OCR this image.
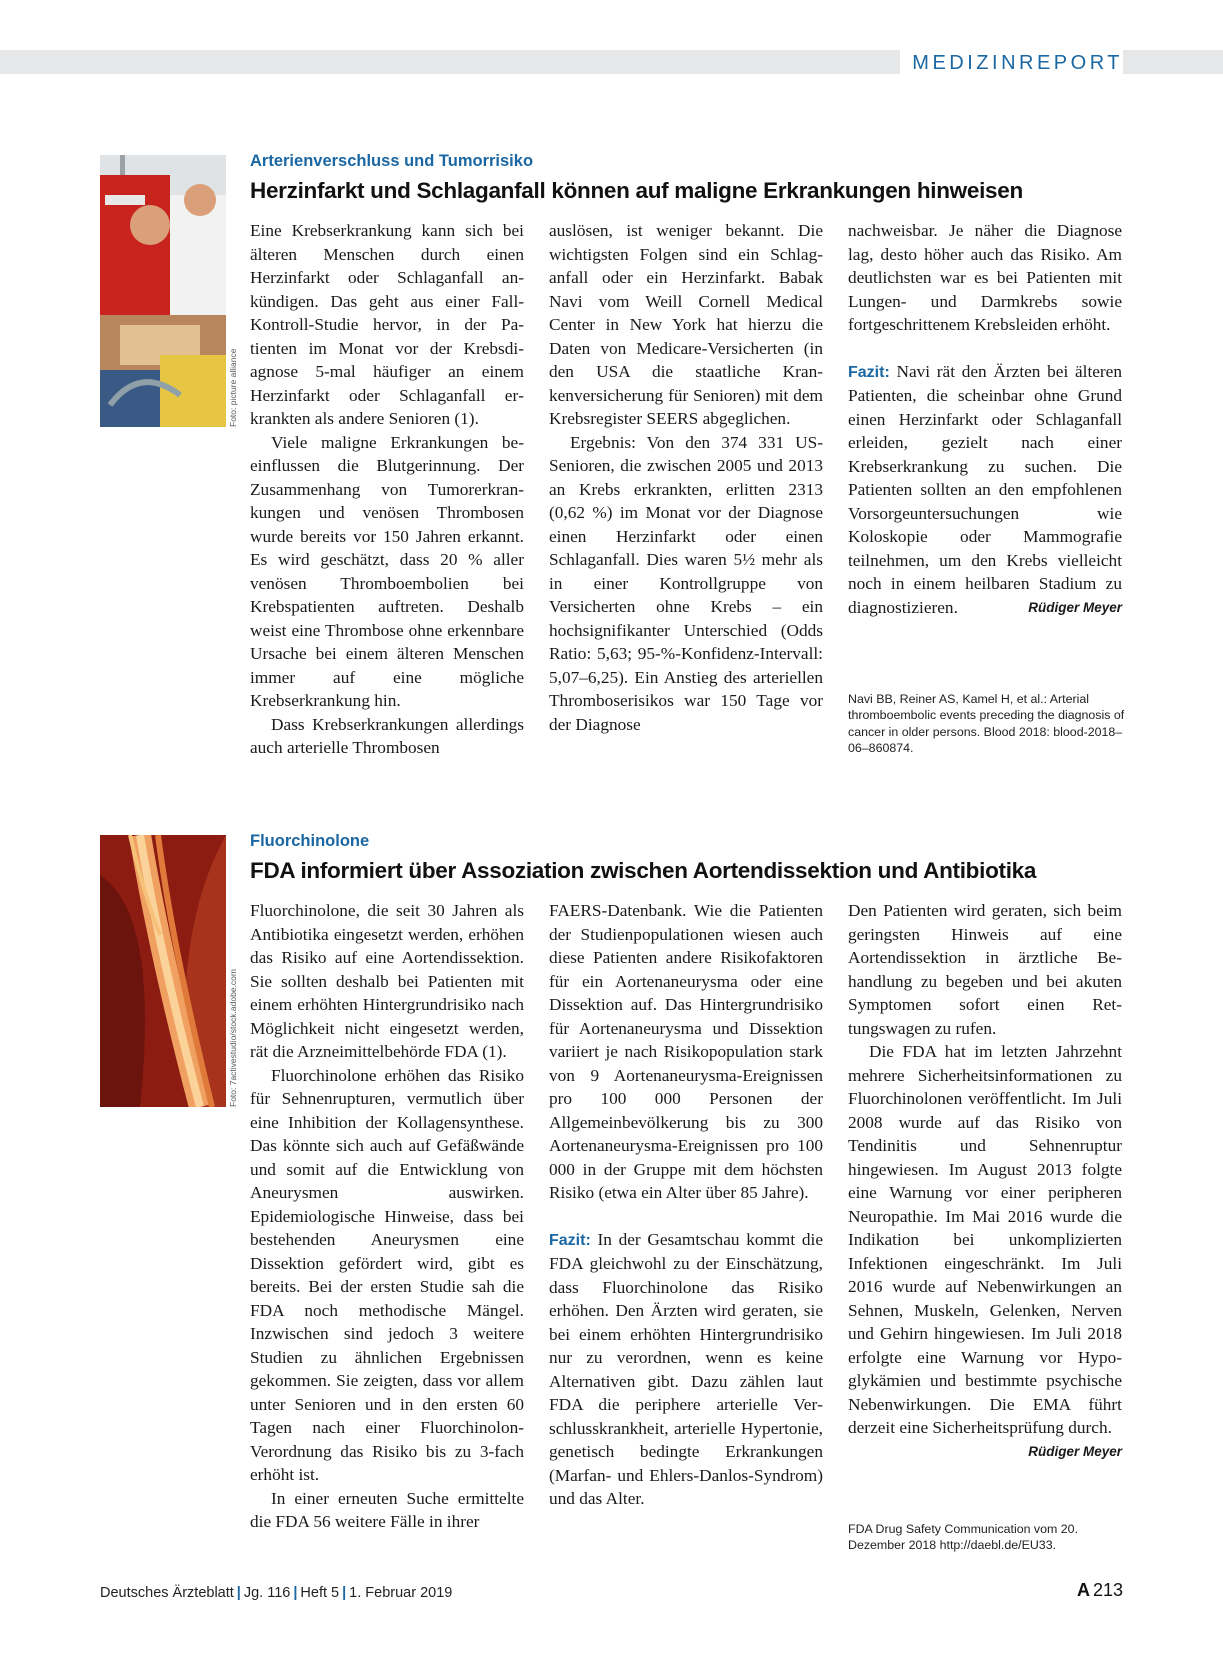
MEDIZINREPORT
Foto: picture alliance
Arterienverschluss und Tumorrisiko
Herzinfarkt und Schlaganfall können auf maligne Erkrankungen hinweisen

Eine Krebserkrankung kann sich bei älteren Menschen durch einen Herzinfarkt oder Schlaganfall ankündigen. Das geht aus einer Fall-Kontroll-Studie hervor, in der Patienten im Monat vor der Krebsdiagnose 5-mal häufiger an einem Herzinfarkt oder Schlaganfall erkrankten als andere Senioren (1).

Viele maligne Erkrankungen beeinflussen die Blutgerinnung. Der Zusammenhang von Tumorerkrankungen und venösen Thrombosen wurde bereits vor 150 Jahren erkannt. Es wird geschätzt, dass 20 % aller venösen Thromboembolien bei Krebspatienten auftreten. Deshalb weist eine Thrombose ohne erkennbare Ursache bei einem älteren Menschen immer auf eine mögliche Krebserkrankung hin.

Dass Krebserkrankungen allerdings auch arterielle Thrombosen

auslösen, ist weniger bekannt. Die wichtigsten Folgen sind ein Schlaganfall oder ein Herzinfarkt. Babak Navi vom Weill Cornell Medical Center in New York hat hierzu die Daten von Medicare-Versicherten (in den USA die staatliche Krankenversicherung für Senioren) mit dem Krebsregister SEERS abgeglichen.

Ergebnis: Von den 374 331 US-Senioren, die zwischen 2005 und 2013 an Krebs erkrankten, erlitten 2313 (0,62 %) im Monat vor der Diagnose einen Herzinfarkt oder einen Schlaganfall. Dies waren 5½ mehr als in einer Kontrollgruppe von Versicherten ohne Krebs – ein hochsignifikanter Unterschied (Odds Ratio: 5,63; 95-%-Konfidenz-Intervall: 5,07–6,25). Ein Anstieg des arteriellen Thromboserisikos war 150 Tage vor der Diagnose

nachweisbar. Je näher die Diagnose lag, desto höher auch das Risiko. Am deutlichsten war es bei Patienten mit Lungen- und Darmkrebs sowie fortgeschrittenem Krebsleiden erhöht.

Fazit: Navi rät den Ärzten bei älteren Patienten, die scheinbar ohne Grund einen Herzinfarkt oder Schlaganfall erleiden, gezielt nach einer Krebserkrankung zu suchen. Die Patienten sollten an den empfohlenen Vorsorgeuntersuchungen wie Koloskopie oder Mammografie teilnehmen, um den Krebs vielleicht noch in einem heilbaren Stadium zu diagnostizieren.	Rüdiger Meyer

Navi BB, Reiner AS, Kamel H, et al.: Arterial thromboembolic events preceding the diagnosis of cancer in older persons. Blood 2018: blood-2018–06–860874.
Foto: 7activestudio/stock.adobe.com
Fluorchinolone
FDA informiert über Assoziation zwischen Aortendissektion und Antibiotika

Fluorchinolone, die seit 30 Jahren als Antibiotika eingesetzt werden, erhöhen das Risiko auf eine Aortendissektion. Sie sollten deshalb bei Patienten mit einem erhöhten Hintergrundrisiko nach Möglichkeit nicht eingesetzt werden, rät die Arzneimittelbehörde FDA (1).

Fluorchinolone erhöhen das Risiko für Sehnenrupturen, vermutlich über eine Inhibition der Kollagensynthese. Das könnte sich auch auf Gefäßwände und somit auf die Entwicklung von Aneurysmen auswirken. Epidemiologische Hinweise, dass bei bestehenden Aneurysmen eine Dissektion gefördert wird, gibt es bereits. Bei der ersten Studie sah die FDA noch methodische Mängel. Inzwischen sind jedoch 3 weitere Studien zu ähnlichen Ergebnissen gekommen. Sie zeigten, dass vor allem unter Senioren und in den ersten 60 Tagen nach einer Fluorchinolon-Verordnung das Risiko bis zu 3-fach erhöht ist.

In einer erneuten Suche ermittelte die FDA 56 weitere Fälle in ihrer

FAERS-Datenbank. Wie die Patienten der Studienpopulationen wiesen auch diese Patienten andere Risikofaktoren für ein Aortenaneurysma oder eine Dissektion auf. Das Hintergrundrisiko für Aortenaneurysma und Dissektion variiert je nach Risikopopulation stark von 9 Aortenaneurysma-Ereignissen pro 100 000 Personen der Allgemeinbevölkerung bis zu 300 Aortenaneurysma-Ereignissen pro 100 000 in der Gruppe mit dem höchsten Risiko (etwa ein Alter über 85 Jahre).

Fazit: In der Gesamtschau kommt die FDA gleichwohl zu der Einschätzung, dass Fluorchinolone das Risiko erhöhen. Den Ärzten wird geraten, sie bei einem erhöhten Hintergrundrisiko nur zu verordnen, wenn es keine Alternativen gibt. Dazu zählen laut FDA die periphere arterielle Verschlusskrankheit, arterielle Hypertonie, genetisch bedingte Erkrankungen (Marfan- und Ehlers-Danlos-Syndrom) und das Alter.

Den Patienten wird geraten, sich beim geringsten Hinweis auf eine Aortendissektion in ärztliche Behandlung zu begeben und bei akuten Symptomen sofort einen Rettungswagen zu rufen.

Die FDA hat im letzten Jahrzehnt mehrere Sicherheitsinformationen zu Fluorchinolonen veröffentlicht. Im Juli 2008 wurde auf das Risiko von Tendinitis und Sehnenruptur hingewiesen. Im August 2013 folgte eine Warnung vor einer peripheren Neuropathie. Im Mai 2016 wurde die Indikation bei unkomplizierten Infektionen eingeschränkt. Im Juli 2016 wurde auf Nebenwirkungen an Sehnen, Muskeln, Gelenken, Nerven und Gehirn hingewiesen. Im Juli 2018 erfolgte eine Warnung vor Hypoglykämien und bestimmte psychische Nebenwirkungen. Die EMA führt derzeit eine Sicherheitsprüfung durch.
Rüdiger Meyer

FDA Drug Safety Communication vom 20. Dezember 2018 http://daebl.de/EU33.
Deutsches Ärzteblatt | Jg. 116 | Heft 5 | 1. Februar 2019	A 213
